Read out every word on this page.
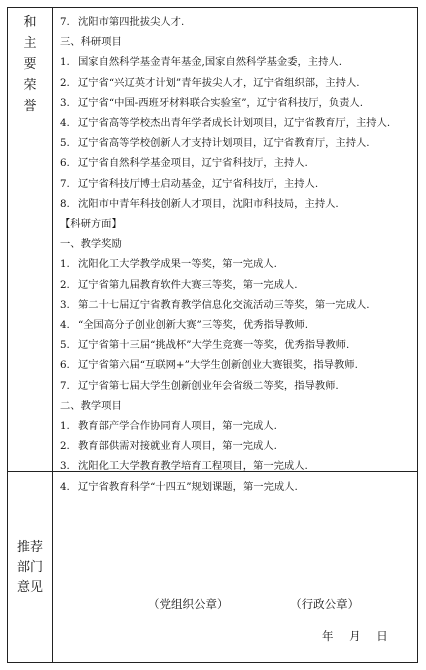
和
主
要
荣
誉
推荐
部门
意见
7. 沈阳市第四批拔尖人才.
三、科研项目
1. 国家自然科学基金青年基金,国家自然科学基金委，主持人.
2. 辽宁省“兴辽英才计划”青年拔尖人才，辽宁省组织部，主持人.
3. 辽宁省“中国-西班牙材料联合实验室”，辽宁省科技厅，负责人.
4. 辽宁省高等学校杰出青年学者成长计划项目，辽宁省教育厅，主持人.
5. 辽宁省高等学校创新人才支持计划项目，辽宁省教育厅，主持人.
6. 辽宁省自然科学基金项目，辽宁省科技厅，主持人.
7. 辽宁省科技厅博士启动基金，辽宁省科技厅，主持人.
8. 沈阳市中青年科技创新人才项目，沈阳市科技局，主持人.
【科研方面】
一、教学奖励
1. 沈阳化工大学教学成果一等奖，第一完成人.
2. 辽宁省第九届教育软件大赛三等奖，第一完成人.
3. 第二十七届辽宁省教育教学信息化交流活动三等奖，第一完成人.
4. “全国高分子创业创新大赛”三等奖，优秀指导教师.
5. 辽宁省第十三届“挑战杯”大学生竞赛一等奖，优秀指导教师.
6. 辽宁省第六届“互联网+”大学生创新创业大赛银奖，指导教师.
7. 辽宁省第七届大学生创新创业年会省级二等奖，指导教师.
二、教学项目
1. 教育部产学合作协同育人项目，第一完成人.
2. 教育部供需对接就业育人项目，第一完成人.
3. 沈阳化工大学教育教学培育工程项目，第一完成人.
4. 辽宁省教育科学“十四五”规划课题，第一完成人.
（党组织公章）	（行政公章）
年 月 日
